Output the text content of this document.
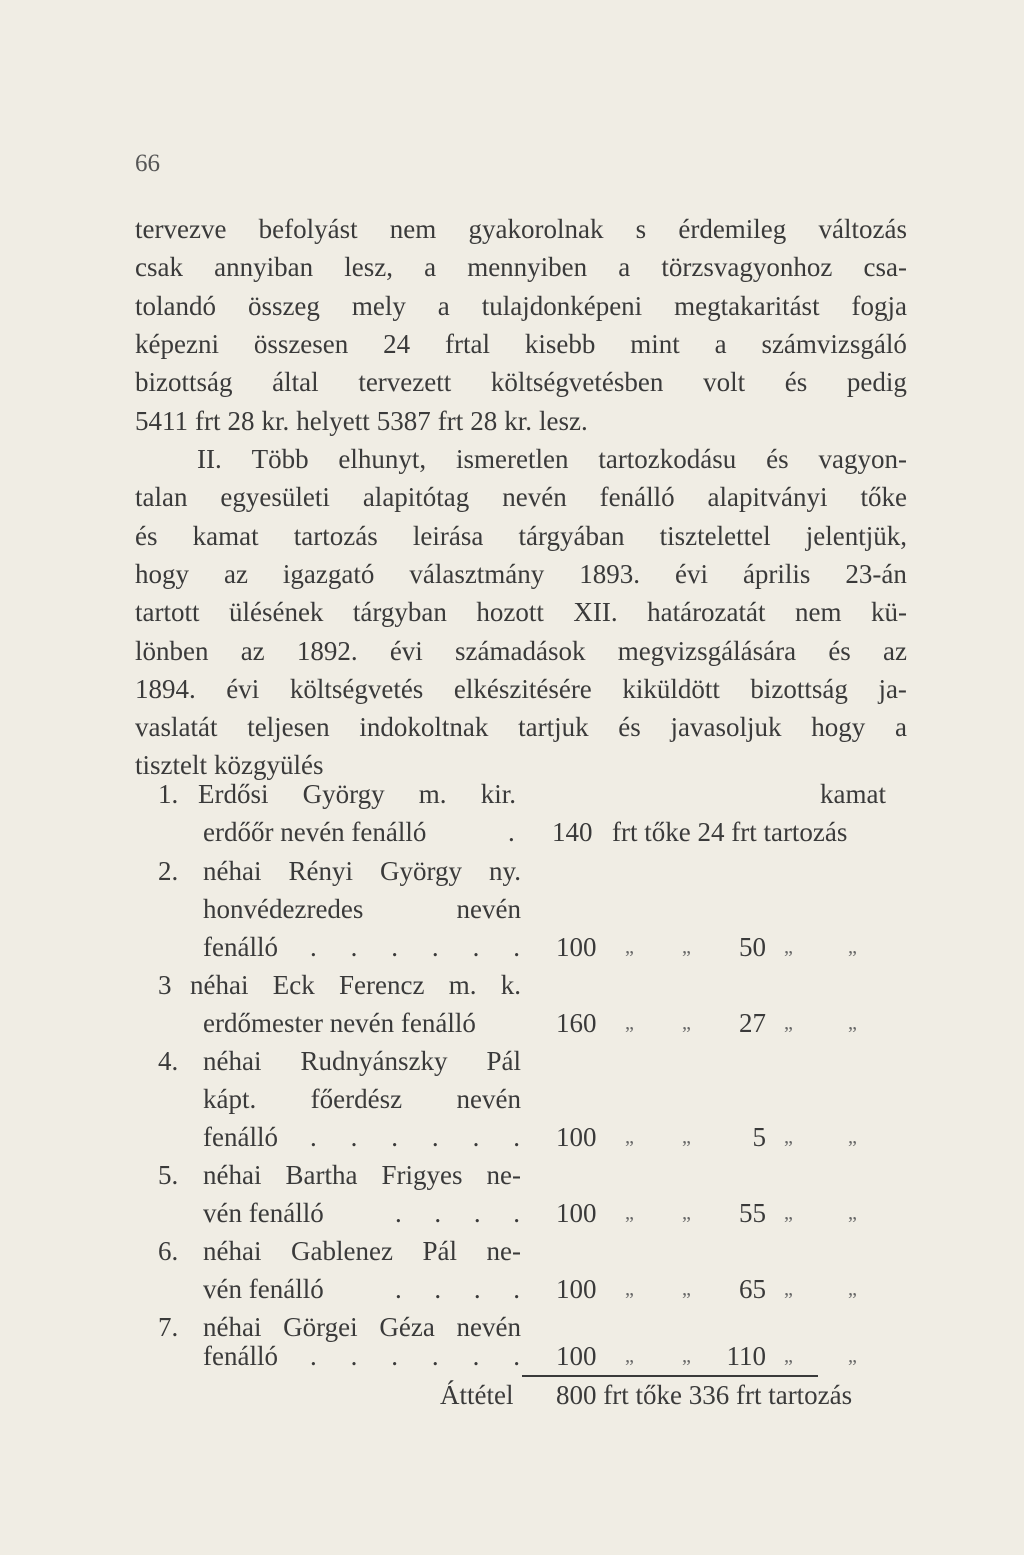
66
tervezve befolyást nem gyakorolnak s érdemileg változás
csak annyiban lesz, a mennyiben a törzsvagyonhoz csa-
tolandó összeg mely a tulajdonképeni megtakaritást fogja
képezni összesen 24 frtal kisebb mint a számvizsgáló
bizottság által tervezett költségvetésben volt és pedig
5411 frt 28 kr. helyett 5387 frt 28 kr. lesz.
II. Több elhunyt, ismeretlen tartozkodásu és vagyon-
talan egyesületi alapitótag nevén fenálló alapitványi tőke
és kamat tartozás leirása tárgyában tisztelettel jelentjük,
hogy az igazgató választmány 1893. évi április 23-án
tartott ülésének tárgyban hozott XII. határozatát nem kü-
lönben az 1892. évi számadások megvizsgálására és az
1894. évi költségvetés elkészitésére kiküldött bizottság ja-
vaslatát teljesen indokoltnak tartjuk és javasoljuk hogy a
tisztelt közgyülés
1. Erdősi György m. kir.	kamat
erdőőr nevén fenálló	. 140 frt tőke 24 frt tartozás
2. néhai Rényi György ny.
honvédezredes	nevén
fenálló . . . . . . 100 „ „	50 „	„
3 néhai Eck Ferencz m. k.
erdőmester nevén fenálló	160 „ „	27 „	„
4. néhai Rudnyánszky Pál
kápt. főerdész nevén
fenálló . . . . . . 100 „ „	5 „	„
5. néhai Bartha Frigyes ne-
vén fenálló	. . . . 100 „ „	55 „	„
6. néhai Gablenez Pál ne-
vén fenálló	. . . . 100 „ „	65 „	„
7. néhai Görgei Géza nevén
fenálló . . . . . . 100 „ „	110 „	„
Áttétel 800 frt tőke 336 frt tartozás
